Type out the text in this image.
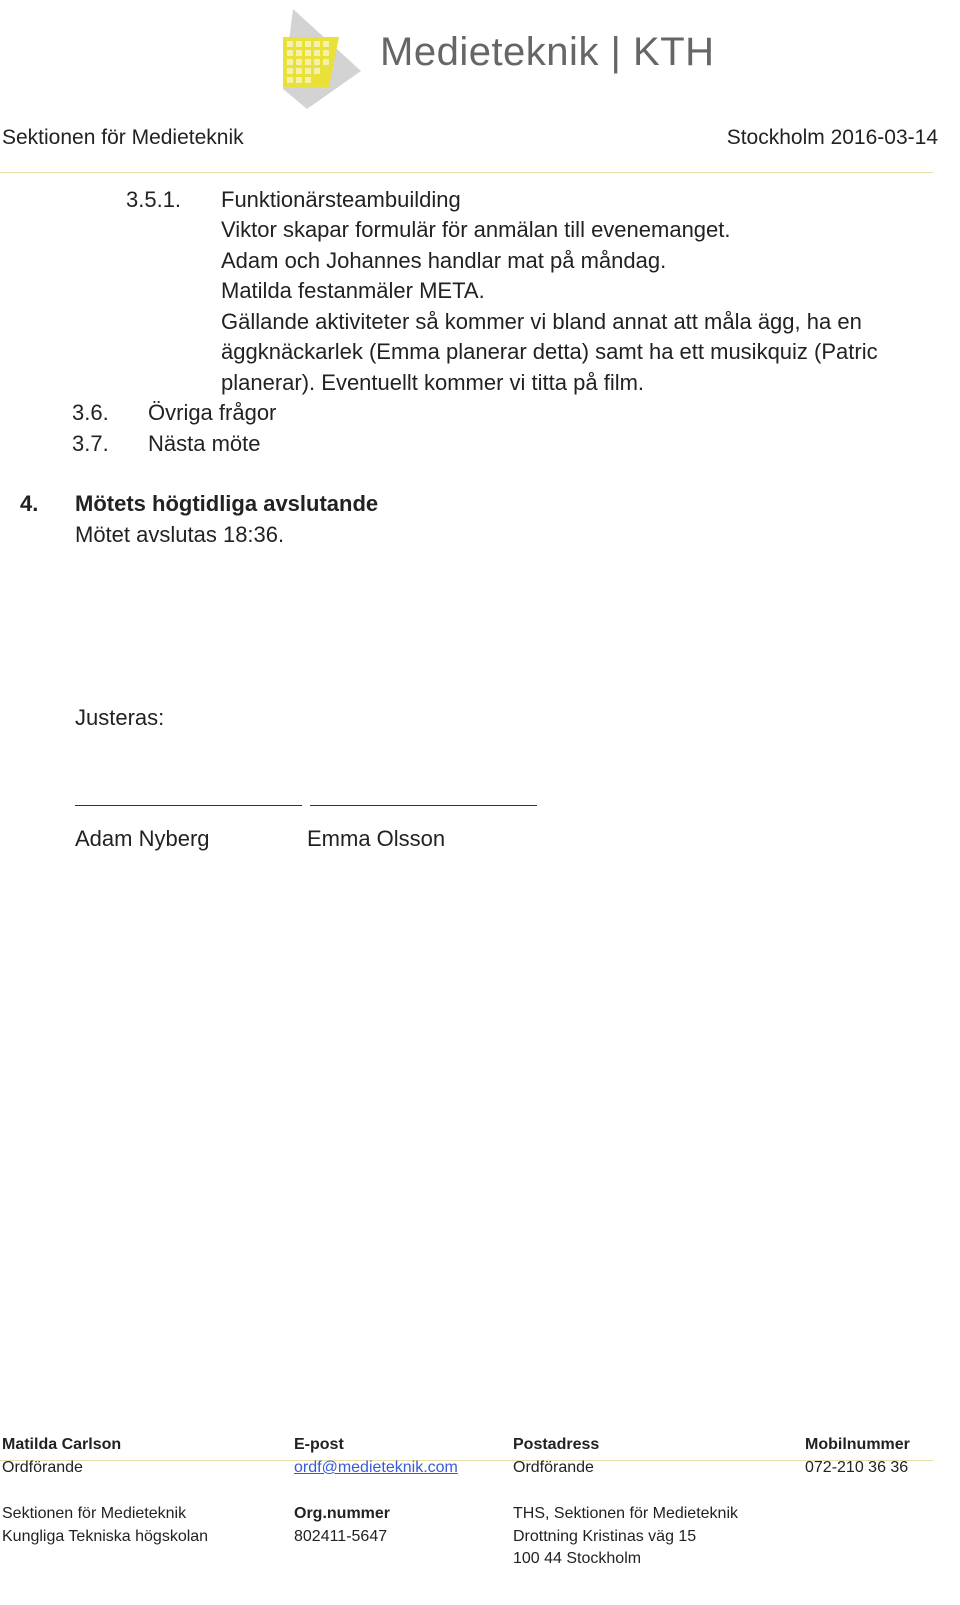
Medieteknik | KTH
Sektionen för Medieteknik	Stockholm 2016-03-14
3.5.1. Funktionärsteambuilding
Viktor skapar formulär för anmälan till evenemanget.
Adam och Johannes handlar mat på måndag.
Matilda festanmäler META.
Gällande aktiviteter så kommer vi bland annat att måla ägg, ha en
äggknäckarlek (Emma planerar detta) samt ha ett musikquiz (Patric
planerar). Eventuellt kommer vi titta på film.
3.6. Övriga frågor
3.7. Nästa möte
4. Mötets högtidliga avslutande
Mötet avslutas 18:36.
Justeras:
Adam Nyberg	Emma Olsson
Matilda Carlson
Ordförande
Sektionen för Medieteknik
Kungliga Tekniska högskolan
E-post
ordf@medieteknik.com
Org.nummer
802411-5647
Postadress
Ordförande
THS, Sektionen för Medieteknik
Drottning Kristinas väg 15
100 44 Stockholm
Mobilnummer
072-210 36 36
